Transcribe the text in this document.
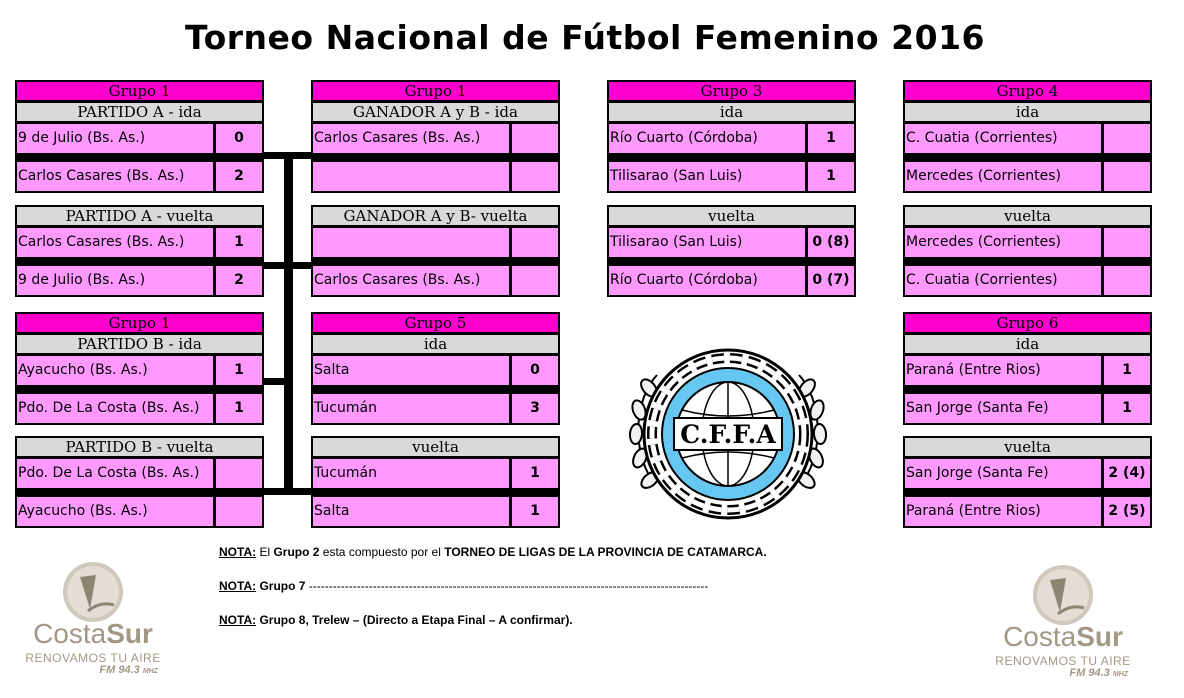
Torneo Nacional de Fútbol Femenino 2016
Grupo 1
PARTIDO A - ida
9 de Julio (Bs. As.)	0
Carlos Casares (Bs. As.)	2
PARTIDO A - vuelta
Carlos Casares (Bs. As.)	1
9 de Julio (Bs. As.)	2
Grupo 1
PARTIDO B - ida
Ayacucho (Bs. As.)	1
Pdo. De La Costa (Bs. As.)	1
PARTIDO B - vuelta
Pdo. De La Costa (Bs. As.)
Ayacucho (Bs. As.)
Grupo 1
GANADOR A y B - ida
Carlos Casares (Bs. As.)
GANADOR A y B- vuelta
Carlos Casares (Bs. As.)
Grupo 5
ida
Salta	0
Tucumán	3
vuelta
Tucumán	1
Salta	1
Grupo 3
ida
Río Cuarto (Córdoba)	1
Tilisarao (San Luis)	1
vuelta
Tilisarao (San Luis)	0 (8)
Río Cuarto (Córdoba)	0 (7)
Grupo 4
ida
C. Cuatia (Corrientes)
Mercedes (Corrientes)
vuelta
Mercedes (Corrientes)
C. Cuatia (Corrientes)
Grupo 6
ida
Paraná (Entre Rios)	1
San Jorge (Santa Fe)	1
vuelta
San Jorge (Santa Fe)	2 (4)
Paraná (Entre Rios)	2 (5)
C.F.F.A
NOTA: El Grupo 2 esta compuesto por el TORNEO DE LIGAS DE LA PROVINCIA DE CATAMARCA.
NOTA: Grupo 7 ----------------------------------------------------------------------------------------------------
NOTA: Grupo 8, Trelew – (Directo a Etapa Final – A confirmar).
CostaSur
RENOVAMOS TU AIRE
FM 94.3 MHZ
CostaSur
RENOVAMOS TU AIRE
FM 94.3 MHZ
